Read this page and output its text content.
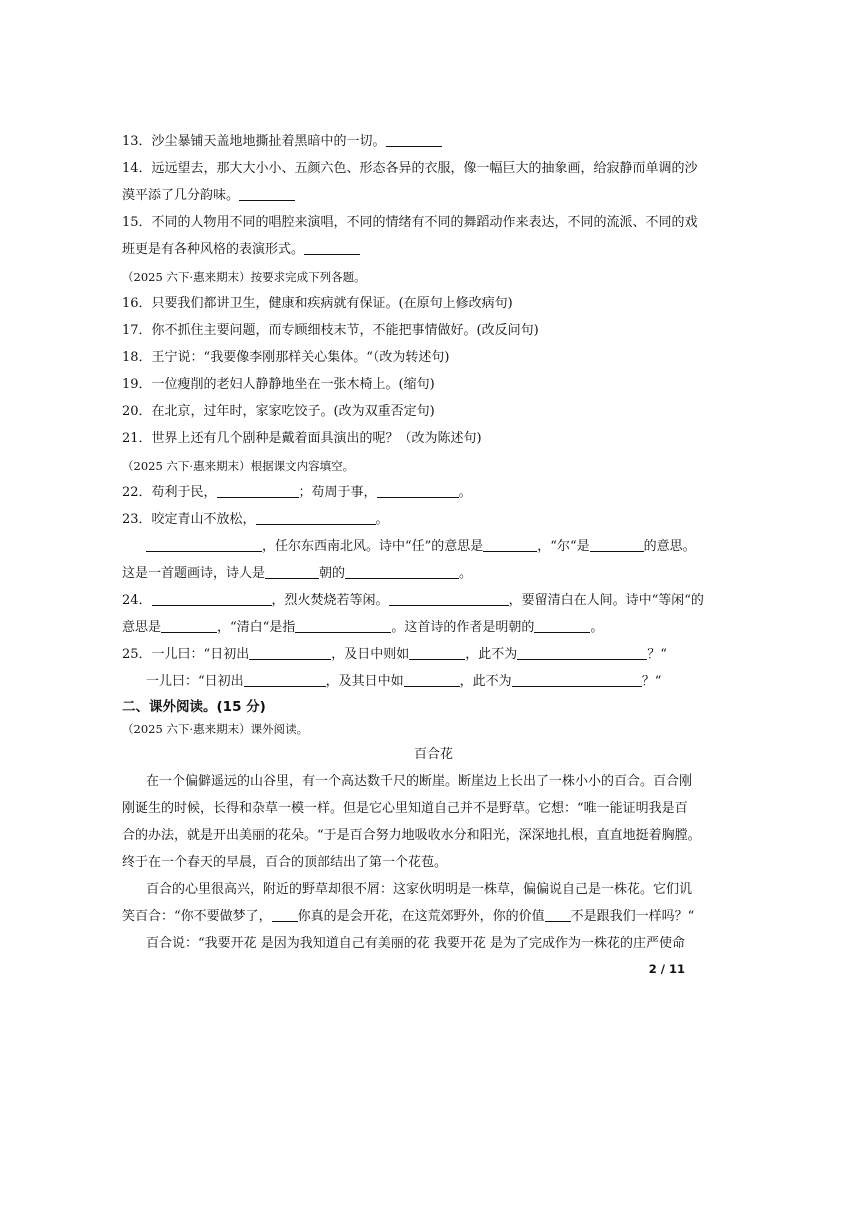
13．沙尘暴铺天盖地地撕扯着黑暗中的一切。
14．远远望去，那大大小小、五颜六色、形态各异的衣服，像一幅巨大的抽象画，给寂静而单调的沙
漠平添了几分韵味。
15．不同的人物用不同的唱腔来演唱，不同的情绪有不同的舞蹈动作来表达，不同的流派、不同的戏
班更是有各种风格的表演形式。
（2025 六下·惠来期末）按要求完成下列各题。
16．只要我们都讲卫生，健康和疾病就有保证。(在原句上修改病句)
17．你不抓住主要问题，而专顾细枝末节，不能把事情做好。(改反问句)
18．王宁说：“我要像李刚那样关心集体。“（改为转述句)
19．一位瘦削的老妇人静静地坐在一张木椅上。(缩句)
20．在北京，过年时，家家吃饺子。(改为双重否定句)
21．世界上还有几个剧种是戴着面具演出的呢？（改为陈述句)
（2025 六下·惠来期末）根据课文内容填空。
22．苟利于民，	；苟周于事，	。
23．咬定青山不放松，	。
，任尔东西南北风。诗中“任”的意思是	，“尔“是	的意思。
这是一首题画诗，诗人是	朝的	。
24．	，烈火焚烧若等闲。	，要留清白在人间。诗中“等闲“的
意思是	，“清白“是指	。这首诗的作者是明朝的	。
25．一儿曰：“日初出	，及日中则如	，此不为	？“
一儿曰：“日初出	，及其日中如	，此不为	？“
二、课外阅读。(15 分)
（2025 六下·惠来期末）课外阅读。
百合花
在一个偏僻遥远的山谷里，有一个高达数千尺的断崖。断崖边上长出了一株小小的百合。百合刚
刚诞生的时候，长得和杂草一模一样。但是它心里知道自己并不是野草。它想：“唯一能证明我是百
合的办法，就是开出美丽的花朵。“于是百合努力地吸收水分和阳光，深深地扎根，直直地挺着胸膛。
终于在一个春天的早晨，百合的顶部结出了第一个花苞。
百合的心里很高兴，附近的野草却很不屑：这家伙明明是一株草，偏偏说自己是一株花。它们讥
笑百合：“你不要做梦了， 你真的是会开花，在这荒郊野外，你的价值 不是跟我们一样吗？“
百合说：“我要开花 是因为我知道自己有美丽的花 我要开花 是为了完成作为一株花的庄严使命
2 / 11
